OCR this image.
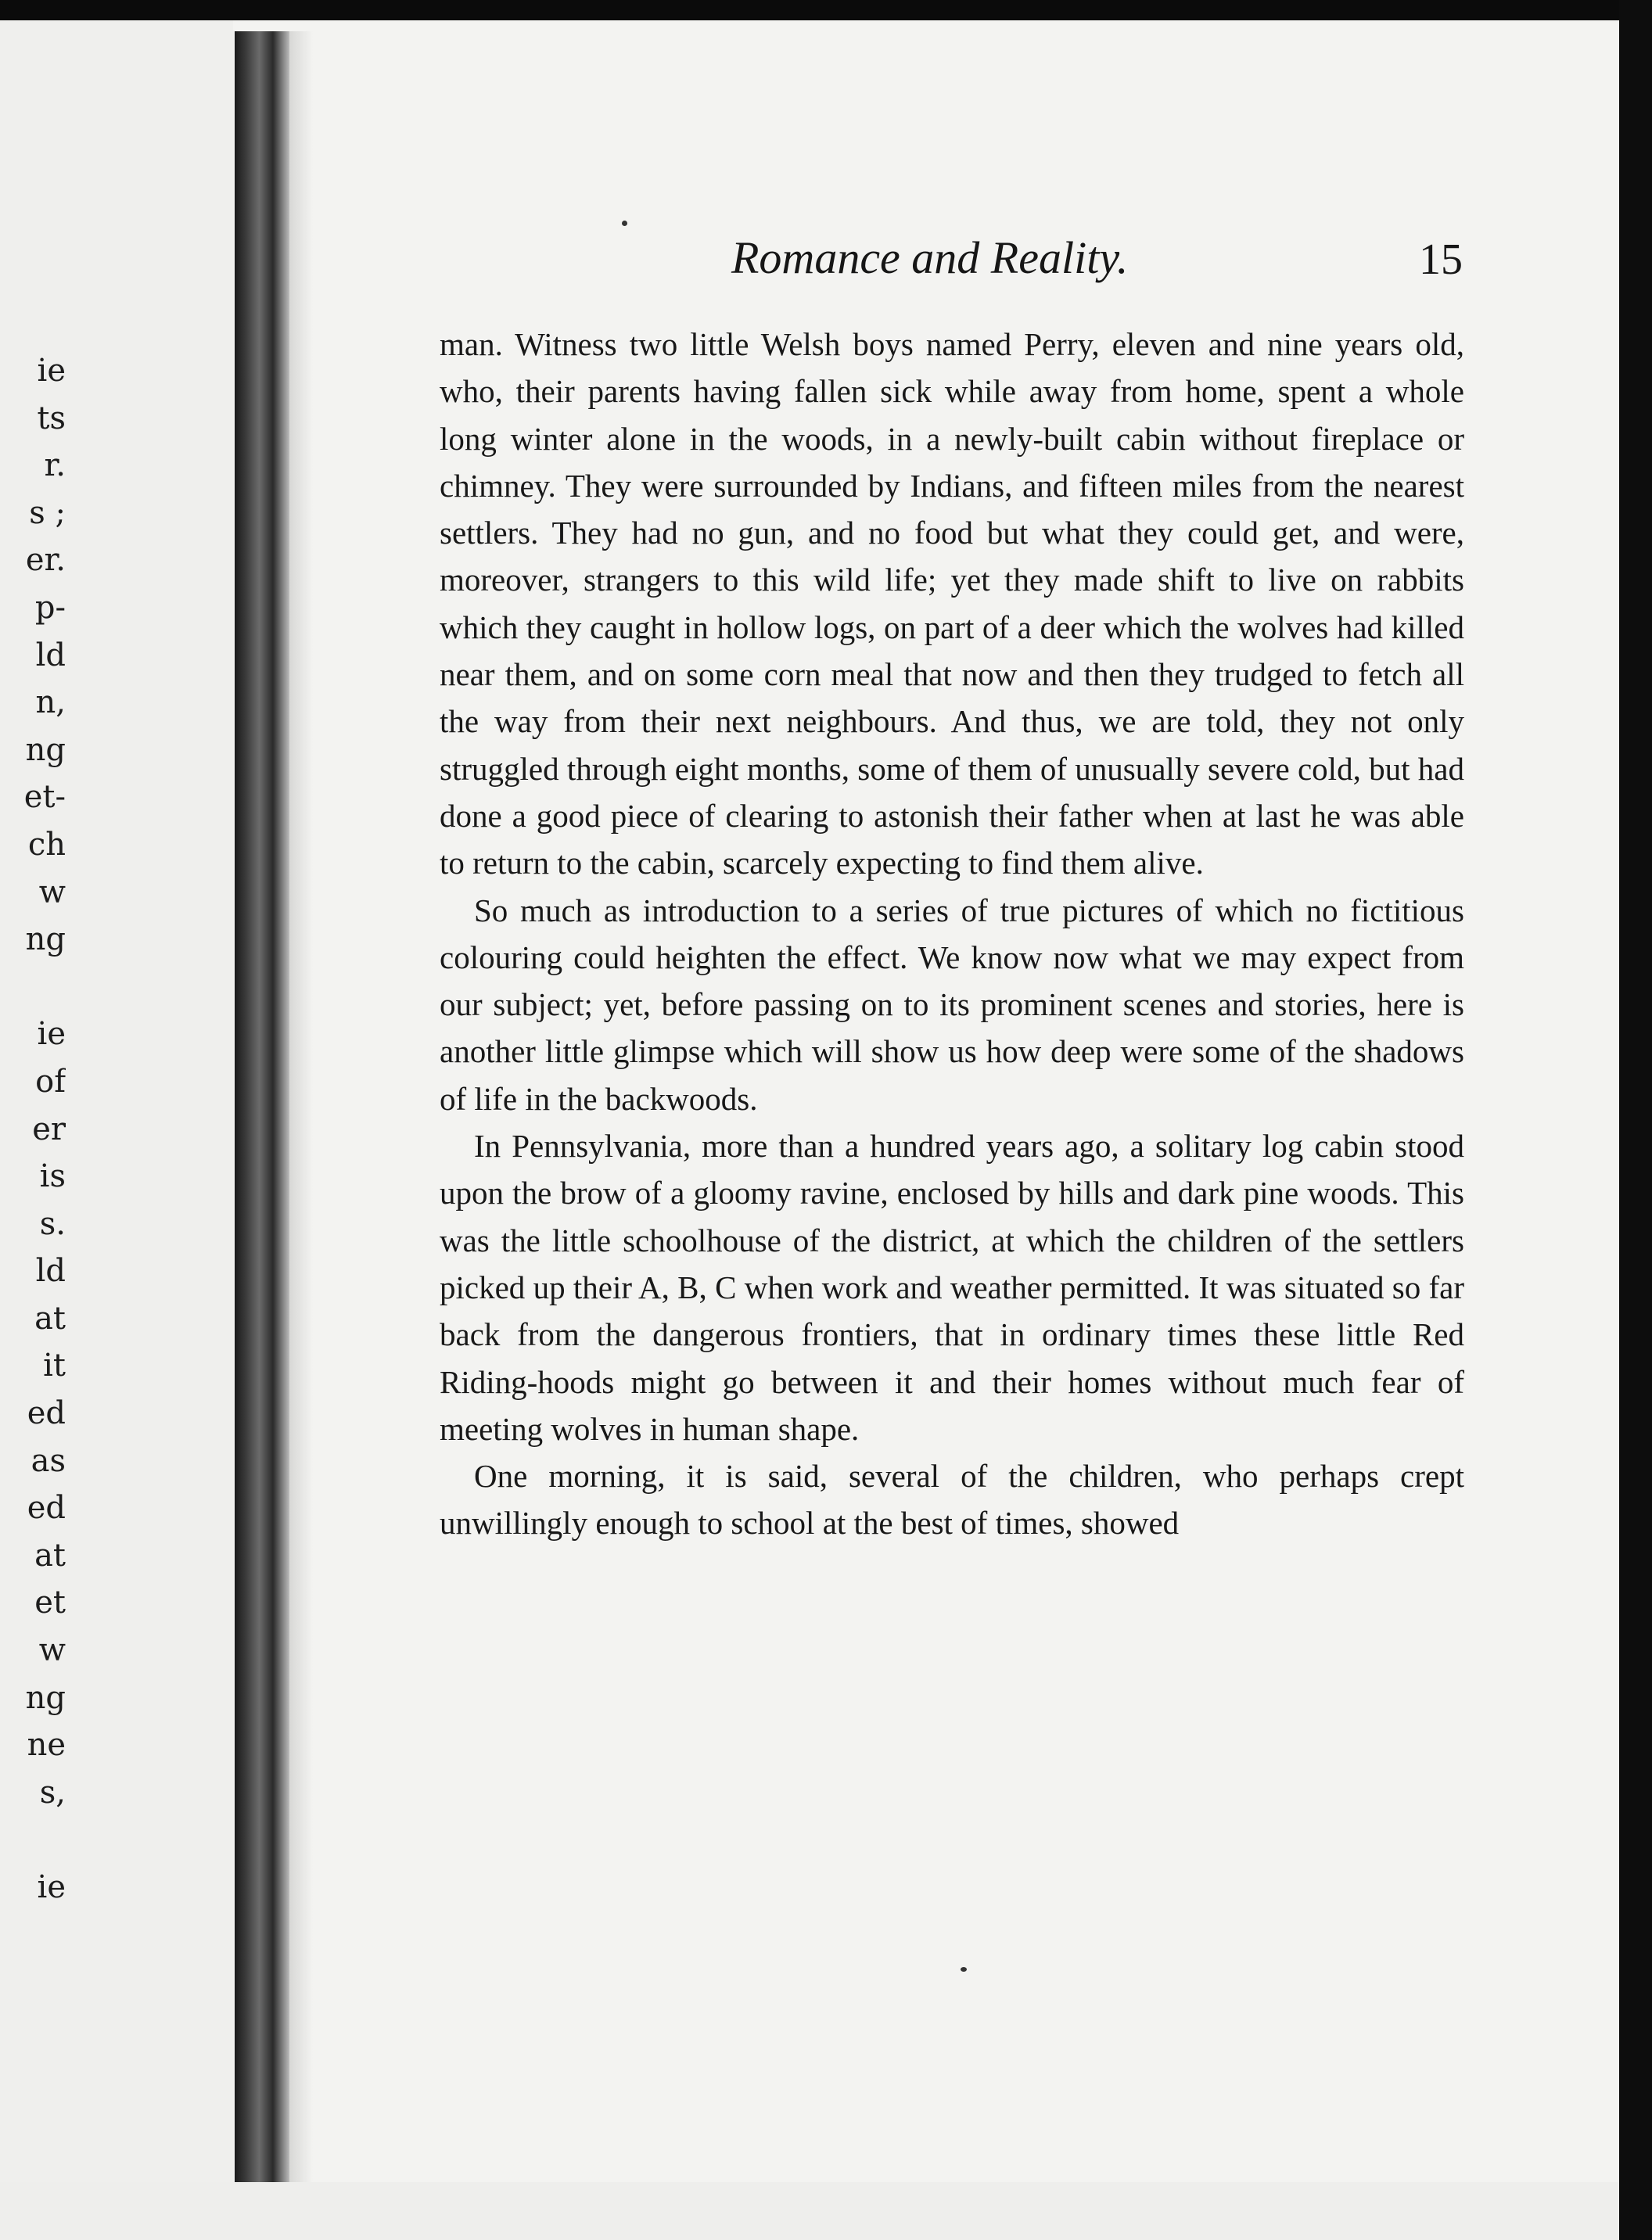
ie
ts
r.
s ;
er.
p-
ld
n,
ng
et-
ch
w
ng
ie
of
er
is
s.
ld
at
it
ed
as
ed
at
et
w
ng
ne
s,
ie
Romance and Reality.	15

man. Witness two little Welsh boys named Perry, eleven and nine years old, who, their parents having fallen sick while away from home, spent a whole long winter alone in the woods, in a newly-built cabin without fireplace or chimney. They were surrounded by Indians, and fifteen miles from the nearest settlers. They had no gun, and no food but what they could get, and were, moreover, strangers to this wild life; yet they made shift to live on rabbits which they caught in hollow logs, on part of a deer which the wolves had killed near them, and on some corn meal that now and then they trudged to fetch all the way from their next neighbours. And thus, we are told, they not only struggled through eight months, some of them of unusually severe cold, but had done a good piece of clearing to astonish their father when at last he was able to return to the cabin, scarcely expecting to find them alive.

So much as introduction to a series of true pictures of which no fictitious colouring could heighten the effect. We know now what we may expect from our subject; yet, before passing on to its prominent scenes and stories, here is another little glimpse which will show us how deep were some of the shadows of life in the backwoods.

In Pennsylvania, more than a hundred years ago, a solitary log cabin stood upon the brow of a gloomy ravine, enclosed by hills and dark pine woods. This was the little schoolhouse of the district, at which the children of the settlers picked up their A, B, C when work and weather permitted. It was situated so far back from the dangerous frontiers, that in ordinary times these little Red Riding-hoods might go between it and their homes without much fear of meeting wolves in human shape.

One morning, it is said, several of the children, who perhaps crept unwillingly enough to school at the best of times, showed
